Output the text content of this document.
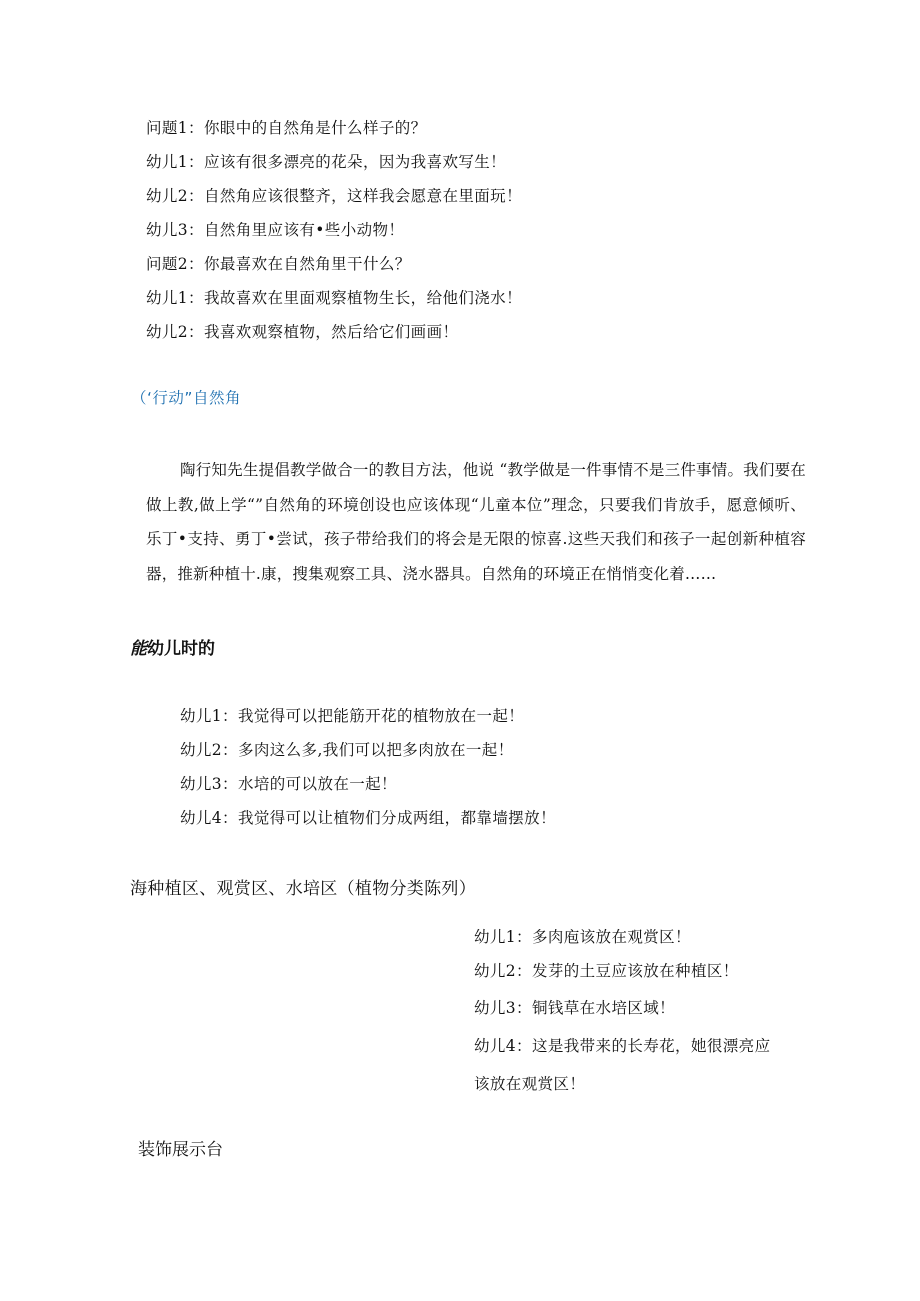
问题1：你眼中的自然角是什么样子的？
幼儿1：应该有很多漂亮的花朵，因为我喜欢写生！
幼儿2：自然角应该很整齐，这样我会愿意在里面玩！
幼儿3：自然角里应该有•些小动物！
问题2：你最喜欢在自然角里干什么？
幼儿1：我故喜欢在里面观察植物生长，给他们浇水！
幼儿2：我喜欢观察植物，然后给它们画画！
（‘行动”自然角
陶行知先生提倡教学做合一的教目方法，他说 “教学做是一件事情不是三件事情。我们要在做上教,做上学“”自然角的环境创设也应该体现“儿童本位”理念，只要我们肯放手，愿意倾听、乐丁•支持、勇丁•尝试，孩子带给我们的将会是无限的惊喜.这些天我们和孩子一起创新种植容器，推新种植十.康，搜集观察工具、浇水器具。自然角的环境正在悄悄变化着……
能幼儿时的
幼儿1：我觉得可以把能筋开花的植物放在一起！
幼儿2：多肉这么多,我们可以把多肉放在一起！
幼儿3：水培的可以放在一起！
幼儿4：我觉得可以让植物们分成两组，都靠墙摆放！
海种植区、观赏区、水培区（植物分类陈列）
幼儿1：多肉庖该放在观赏区！
幼儿2：发芽的土豆应该放在种植区！
幼儿3：铜钱草在水培区域！
幼儿4：这是我带来的长寿花，她很漂亮应
该放在观赏区！
装饰展示台
